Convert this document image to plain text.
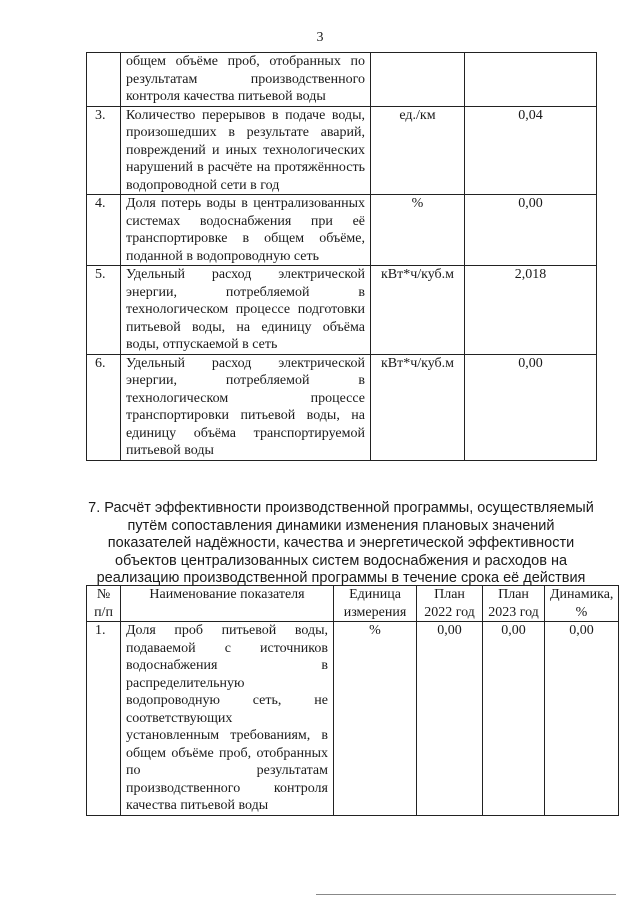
3
	общем объёме проб, отобранных по результатам производственного контроля качества питьевой воды		
3.	Количество перерывов в подаче воды, произошедших в результате аварий, повреждений и иных технологических нарушений в расчёте на протяжённость водопроводной сети в год	ед./км	0,04
4.	Доля потерь воды в централизованных системах водоснабжения при её транспортировке в общем объёме, поданной в водопроводную сеть	%	0,00
5.	Удельный расход электрической энергии, потребляемой в технологическом процессе подготовки питьевой воды, на единицу объёма воды, отпускаемой в сеть	кВт*ч/куб.м	2,018
6.	Удельный расход электрической энергии, потребляемой в технологическом процессе транспортировки питьевой воды, на единицу объёма транспортируемой питьевой воды	кВт*ч/куб.м	0,00

7. Расчёт эффективности производственной программы, осуществляемый путём сопоставления динамики изменения плановых значений показателей надёжности, качества и энергетической эффективности объектов централизованных систем водоснабжения и расходов на реализацию производственной программы в течение срока её действия

№ п/п	Наименование показателя	Единица измерения	План 2022 год	План 2023 год	Динамика, %
1.	Доля проб питьевой воды, подаваемой с источников водоснабжения в распределительную водопроводную сеть, не соответствующих установленным требованиям, в общем объёме проб, отобранных по результатам производственного контроля качества питьевой воды	%	0,00	0,00	0,00
